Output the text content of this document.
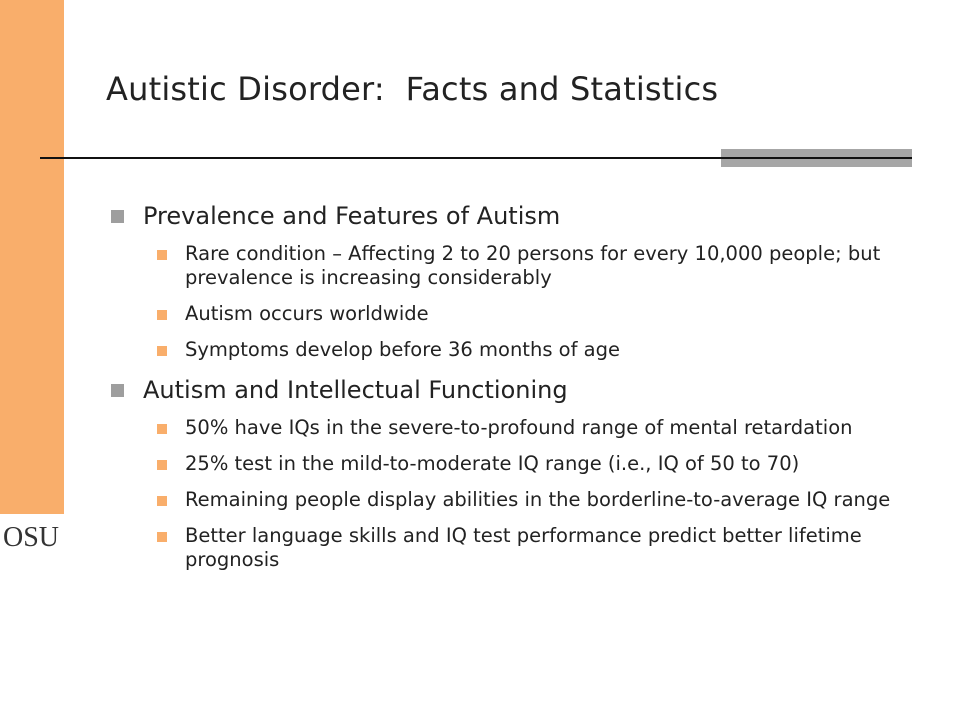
OSU
Autistic Disorder:  Facts and Statistics
Prevalence and Features of Autism
Rare condition – Affecting 2 to 20 persons for every 10,000 people; but prevalence is increasing considerably
Autism occurs worldwide
Symptoms develop before 36 months of age
Autism and Intellectual Functioning
50% have IQs in the severe-to-profound range of mental retardation
25% test in the mild-to-moderate IQ range (i.e., IQ of 50 to 70)
Remaining people display abilities in the borderline-to-average IQ range
Better language skills and IQ test performance predict better lifetime prognosis
